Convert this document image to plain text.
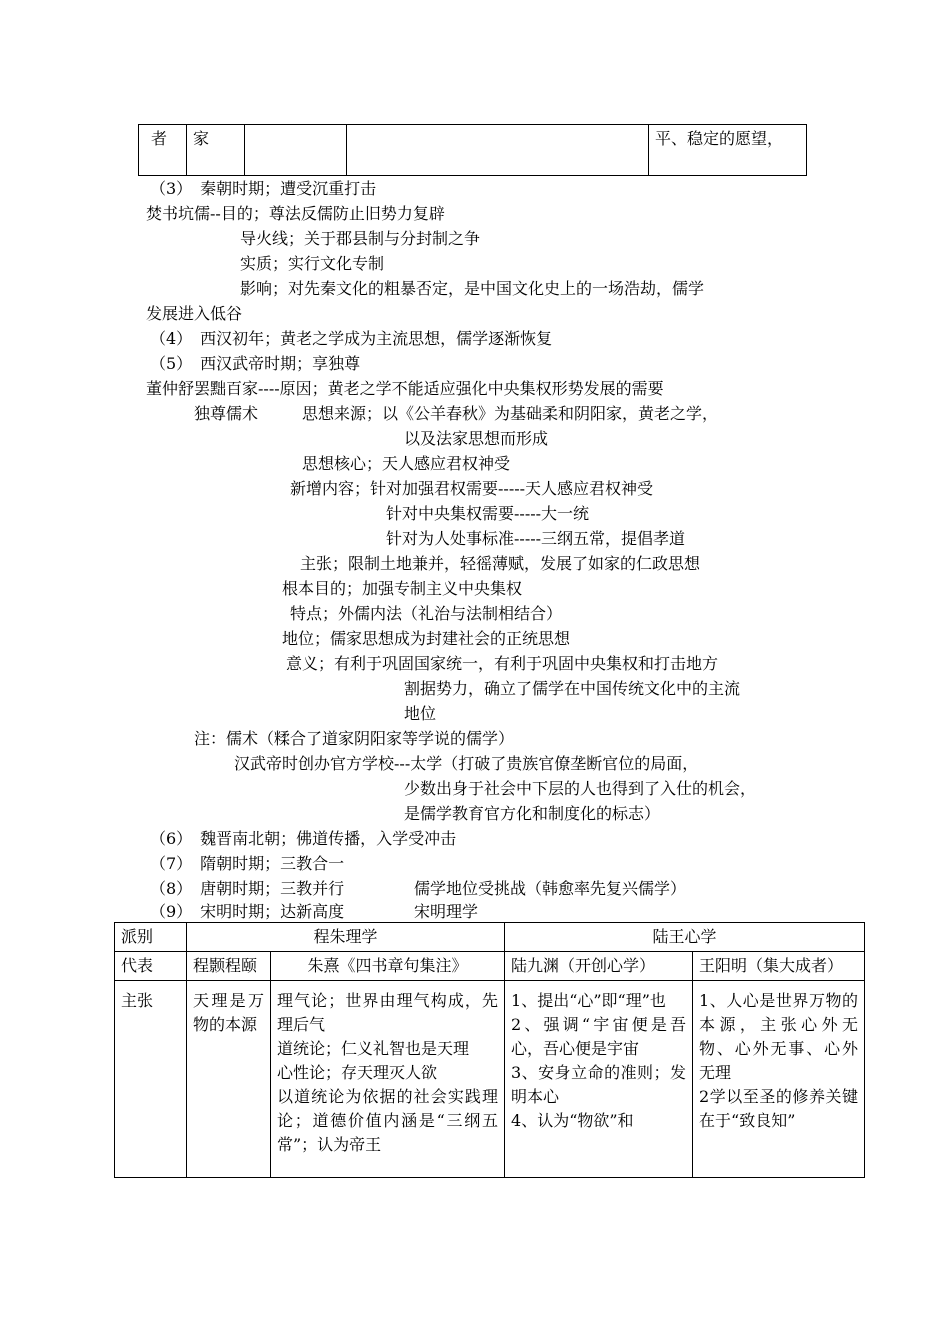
者	家			平、稳定的愿望，
（3）　秦朝时期；遭受沉重打击
焚书坑儒--目的；尊法反儒防止旧势力复辟
导火线；关于郡县制与分封制之争
实质；实行文化专制
影响；对先秦文化的粗暴否定，是中国文化史上的一场浩劫，儒学
发展进入低谷
（4）　西汉初年；黄老之学成为主流思想，儒学逐渐恢复
（5）　西汉武帝时期；享独尊
董仲舒罢黜百家----原因；黄老之学不能适应强化中央集权形势发展的需要
独尊儒术	思想来源；以《公羊春秋》为基础柔和阴阳家，黄老之学，
以及法家思想而形成
思想核心；天人感应君权神受
新增内容；针对加强君权需要-----天人感应君权神受
针对中央集权需要-----大一统
针对为人处事标准-----三纲五常，提倡孝道
主张；限制土地兼并，轻徭薄赋，发展了如家的仁政思想
根本目的；加强专制主义中央集权
特点；外儒内法（礼治与法制相结合）
地位；儒家思想成为封建社会的正统思想
意义；有利于巩固国家统一，有利于巩固中央集权和打击地方
割据势力，确立了儒学在中国传统文化中的主流
地位
注：儒术（糅合了道家阴阳家等学说的儒学）
汉武帝时创办官方学校---太学（打破了贵族官僚垄断官位的局面，
少数出身于社会中下层的人也得到了入仕的机会，
是儒学教育官方化和制度化的标志）
（6）　魏晋南北朝；佛道传播，入学受冲击
（7）　隋朝时期；三教合一
（8）　唐朝时期；三教并行	儒学地位受挑战（韩愈率先复兴儒学）
（9）　宋明时期；达新高度	宋明理学
派别	程朱理学		陆王心学	
代表	程颢程颐	朱熹《四书章句集注》	陆九渊（开创心学）	王阳明（集大成者）
主张	天理是万物的本源	理气论；世界由理气构成，先理后气
道统论；仁义礼智也是天理
心性论；存天理灭人欲
以道统论为依据的社会实践理论；道德价值内涵是“三纲五常”；认为帝王	1、提出“心”即“理”也
2、强调“宇宙便是吾心，吾心便是宇宙
3、安身立命的准则；发明本心
4、认为“物欲”和	1、人心是世界万物的本源，主张心外无物、心外无事、心外无理
2学以至圣的修养关键在于“致良知”
